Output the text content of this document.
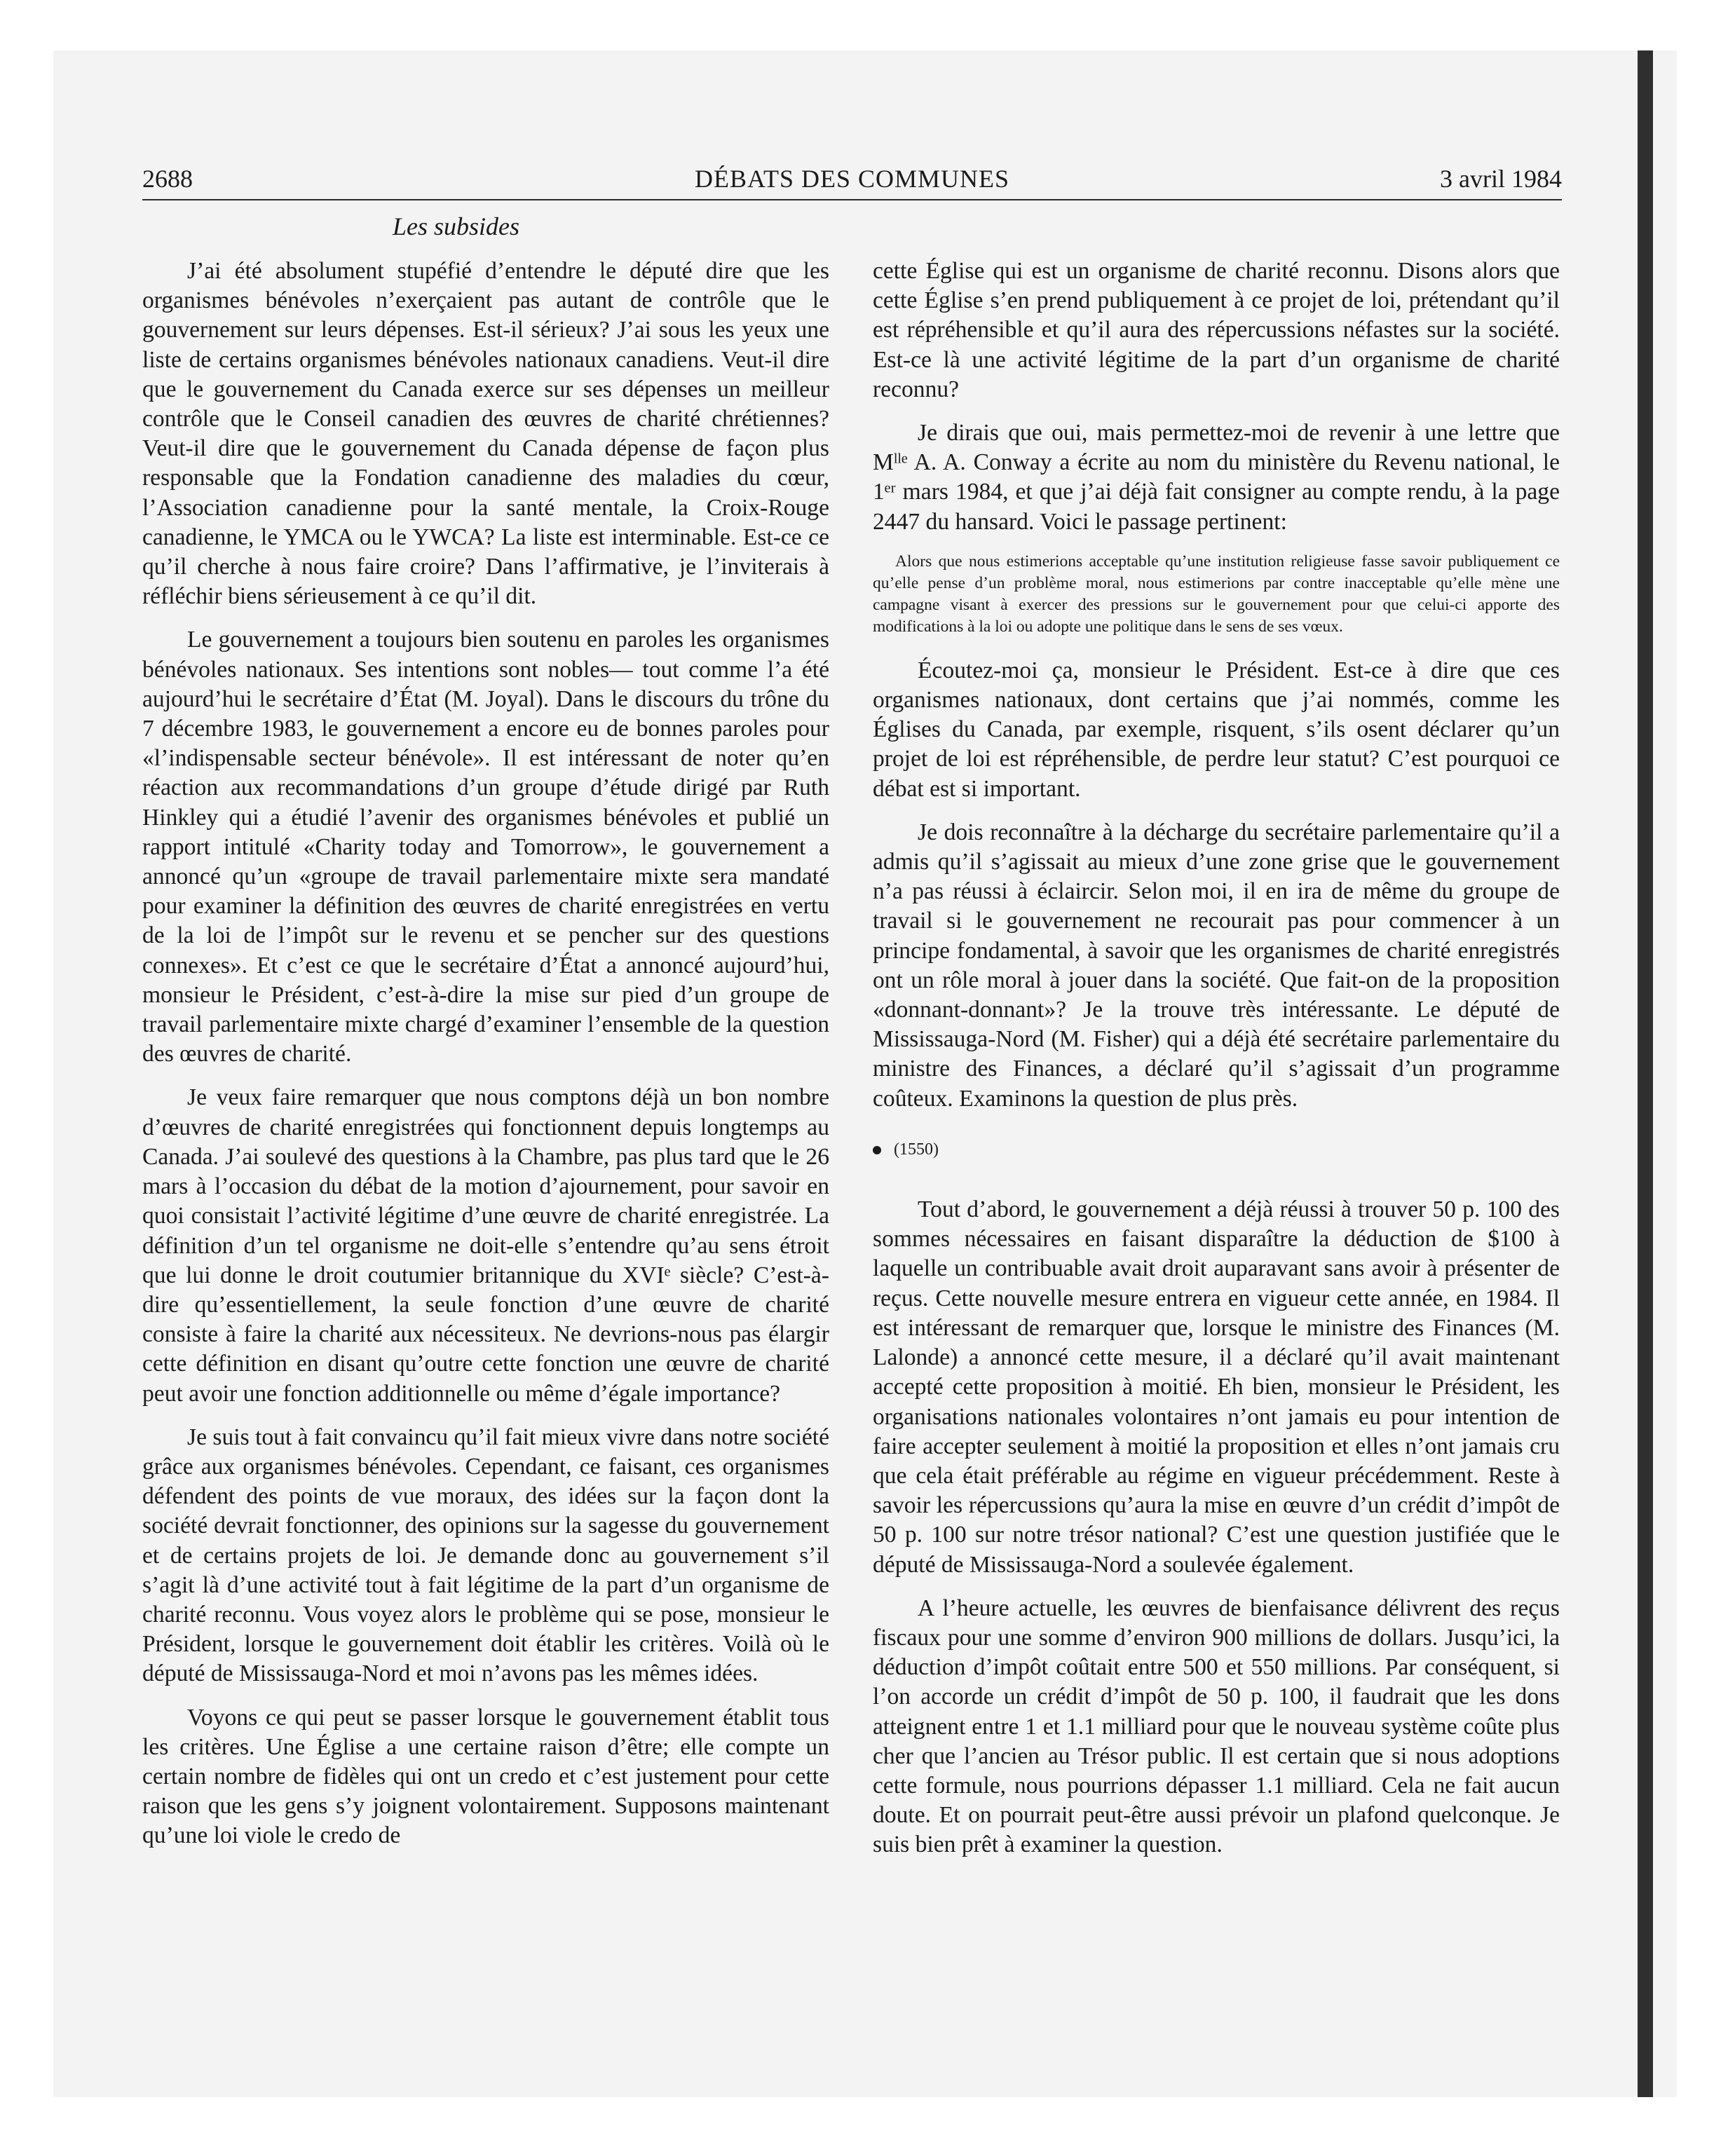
2688	DÉBATS DES COMMUNES	3 avril 1984
Les subsides

J’ai été absolument stupéfié d’entendre le député dire que les organismes bénévoles n’exerçaient pas autant de contrôle que le gouvernement sur leurs dépenses. Est-il sérieux? J’ai sous les yeux une liste de certains organismes bénévoles nationaux canadiens. Veut-il dire que le gouvernement du Canada exerce sur ses dépenses un meilleur contrôle que le Conseil canadien des œuvres de charité chrétiennes? Veut-il dire que le gouvernement du Canada dépense de façon plus responsable que la Fondation canadienne des maladies du cœur, l’Association canadienne pour la santé mentale, la Croix-Rouge canadienne, le YMCA ou le YWCA? La liste est interminable. Est-ce ce qu’il cherche à nous faire croire? Dans l’affirmative, je l’inviterais à réfléchir biens sérieusement à ce qu’il dit.

Le gouvernement a toujours bien soutenu en paroles les organismes bénévoles nationaux. Ses intentions sont nobles— tout comme l’a été aujourd’hui le secrétaire d’État (M. Joyal). Dans le discours du trône du 7 décembre 1983, le gouvernement a encore eu de bonnes paroles pour «l’indispensable secteur bénévole». Il est intéressant de noter qu’en réaction aux recommandations d’un groupe d’étude dirigé par Ruth Hinkley qui a étudié l’avenir des organismes bénévoles et publié un rapport intitulé «Charity today and Tomorrow», le gouvernement a annoncé qu’un «groupe de travail parlementaire mixte sera mandaté pour examiner la définition des œuvres de charité enregistrées en vertu de la loi de l’impôt sur le revenu et se pencher sur des questions connexes». Et c’est ce que le secrétaire d’État a annoncé aujourd’hui, monsieur le Président, c’est-à-dire la mise sur pied d’un groupe de travail parlementaire mixte chargé d’examiner l’ensemble de la question des œuvres de charité.

Je veux faire remarquer que nous comptons déjà un bon nombre d’œuvres de charité enregistrées qui fonctionnent depuis longtemps au Canada. J’ai soulevé des questions à la Chambre, pas plus tard que le 26 mars à l’occasion du débat de la motion d’ajournement, pour savoir en quoi consistait l’activité légitime d’une œuvre de charité enregistrée. La définition d’un tel organisme ne doit-elle s’entendre qu’au sens étroit que lui donne le droit coutumier britannique du XVIᵉ siècle? C’est-à-dire qu’essentiellement, la seule fonction d’une œuvre de charité consiste à faire la charité aux nécessiteux. Ne devrions-nous pas élargir cette définition en disant qu’outre cette fonction une œuvre de charité peut avoir une fonction additionnelle ou même d’égale importance?

Je suis tout à fait convaincu qu’il fait mieux vivre dans notre société grâce aux organismes bénévoles. Cependant, ce faisant, ces organismes défendent des points de vue moraux, des idées sur la façon dont la société devrait fonctionner, des opinions sur la sagesse du gouvernement et de certains projets de loi. Je demande donc au gouvernement s’il s’agit là d’une activité tout à fait légitime de la part d’un organisme de charité reconnu. Vous voyez alors le problème qui se pose, monsieur le Président, lorsque le gouvernement doit établir les critères. Voilà où le député de Mississauga-Nord et moi n’avons pas les mêmes idées.

Voyons ce qui peut se passer lorsque le gouvernement établit tous les critères. Une Église a une certaine raison d’être; elle compte un certain nombre de fidèles qui ont un credo et c’est justement pour cette raison que les gens s’y joignent volontairement. Supposons maintenant qu’une loi viole le credo de

cette Église qui est un organisme de charité reconnu. Disons alors que cette Église s’en prend publiquement à ce projet de loi, prétendant qu’il est répréhensible et qu’il aura des répercussions néfastes sur la société. Est-ce là une activité légitime de la part d’un organisme de charité reconnu?

Je dirais que oui, mais permettez-moi de revenir à une lettre que Mˡˡᵉ A. A. Conway a écrite au nom du ministère du Revenu national, le 1ᵉʳ mars 1984, et que j’ai déjà fait consigner au compte rendu, à la page 2447 du hansard. Voici le passage pertinent:

Alors que nous estimerions acceptable qu’une institution religieuse fasse savoir publiquement ce qu’elle pense d’un problème moral, nous estimerions par contre inacceptable qu’elle mène une campagne visant à exercer des pressions sur le gouvernement pour que celui-ci apporte des modifications à la loi ou adopte une politique dans le sens de ses vœux.

Écoutez-moi ça, monsieur le Président. Est-ce à dire que ces organismes nationaux, dont certains que j’ai nommés, comme les Églises du Canada, par exemple, risquent, s’ils osent déclarer qu’un projet de loi est répréhensible, de perdre leur statut? C’est pourquoi ce débat est si important.

Je dois reconnaître à la décharge du secrétaire parlementaire qu’il a admis qu’il s’agissait au mieux d’une zone grise que le gouvernement n’a pas réussi à éclaircir. Selon moi, il en ira de même du groupe de travail si le gouvernement ne recourait pas pour commencer à un principe fondamental, à savoir que les organismes de charité enregistrés ont un rôle moral à jouer dans la société. Que fait-on de la proposition «donnant-donnant»? Je la trouve très intéressante. Le député de Mississauga-Nord (M. Fisher) qui a déjà été secrétaire parlementaire du ministre des Finances, a déclaré qu’il s’agissait d’un programme coûteux. Examinons la question de plus près.

(1550)

Tout d’abord, le gouvernement a déjà réussi à trouver 50 p. 100 des sommes nécessaires en faisant disparaître la déduction de $100 à laquelle un contribuable avait droit auparavant sans avoir à présenter de reçus. Cette nouvelle mesure entrera en vigueur cette année, en 1984. Il est intéressant de remarquer que, lorsque le ministre des Finances (M. Lalonde) a annoncé cette mesure, il a déclaré qu’il avait maintenant accepté cette proposition à moitié. Eh bien, monsieur le Président, les organisations nationales volontaires n’ont jamais eu pour intention de faire accepter seulement à moitié la proposition et elles n’ont jamais cru que cela était préférable au régime en vigueur précédemment. Reste à savoir les répercussions qu’aura la mise en œuvre d’un crédit d’impôt de 50 p. 100 sur notre trésor national? C’est une question justifiée que le député de Mississauga-Nord a soulevée également.

A l’heure actuelle, les œuvres de bienfaisance délivrent des reçus fiscaux pour une somme d’environ 900 millions de dollars. Jusqu’ici, la déduction d’impôt coûtait entre 500 et 550 millions. Par conséquent, si l’on accorde un crédit d’impôt de 50 p. 100, il faudrait que les dons atteignent entre 1 et 1.1 milliard pour que le nouveau système coûte plus cher que l’ancien au Trésor public. Il est certain que si nous adoptions cette formule, nous pourrions dépasser 1.1 milliard. Cela ne fait aucun doute. Et on pourrait peut-être aussi prévoir un plafond quelconque. Je suis bien prêt à examiner la question.
